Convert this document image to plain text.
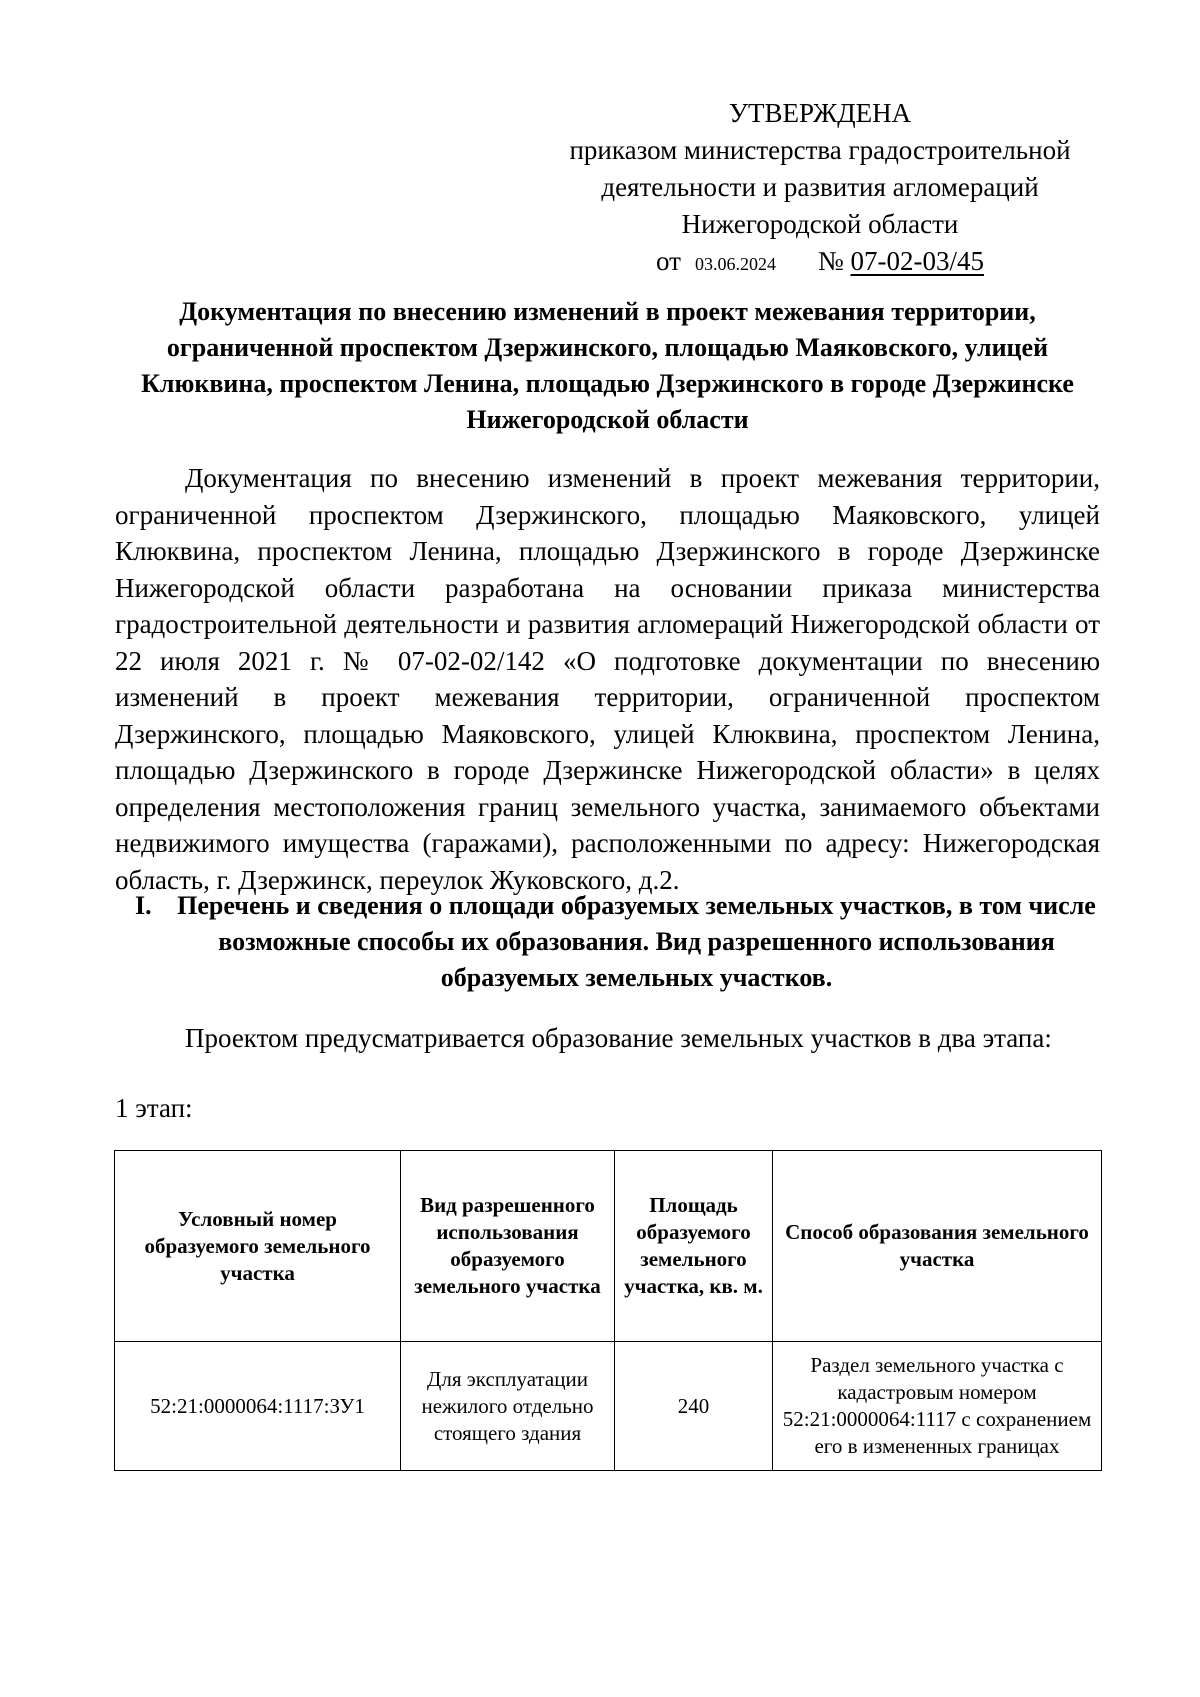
УТВЕРЖДЕНА
приказом министерства градостроительной
деятельности и развития агломераций
Нижегородской области
от 03.06.2024 № 07-02-03/45
Документация по внесению изменений в проект межевания территории, ограниченной проспектом Дзержинского, площадью Маяковского, улицей Клюквина, проспектом Ленина, площадью Дзержинского в городе Дзержинске Нижегородской области

Документация по внесению изменений в проект межевания территории, ограниченной проспектом Дзержинского, площадью Маяковского, улицей Клюквина, проспектом Ленина, площадью Дзержинского в городе Дзержинске Нижегородской области разработана на основании приказа министерства градостроительной деятельности и развития агломераций Нижегородской области от 22 июля 2021 г. № 07-02-02/142 «О подготовке документации по внесению изменений в проект межевания территории, ограниченной проспектом Дзержинского, площадью Маяковского, улицей Клюквина, проспектом Ленина, площадью Дзержинского в городе Дзержинске Нижегородской области» в целях определения местоположения границ земельного участка, занимаемого объектами недвижимого имущества (гаражами), расположенными по адресу: Нижегородская область, г. Дзержинск, переулок Жуковского, д.2.

I. Перечень и сведения о площади образуемых земельных участков, в том числе возможные способы их образования. Вид разрешенного использования образуемых земельных участков.
Проектом предусматривается образование земельных участков в два этапа:
1 этап:
Условный номер образуемого земельного участка	Вид разрешенного использования образуемого земельного участка	Площадь образуемого земельного участка, кв. м.	Способ образования земельного участка
52:21:0000064:1117:ЗУ1	Для эксплуатации нежилого отдельно стоящего здания	240	Раздел земельного участка с кадастровым номером 52:21:0000064:1117 с сохранением его в измененных границах
